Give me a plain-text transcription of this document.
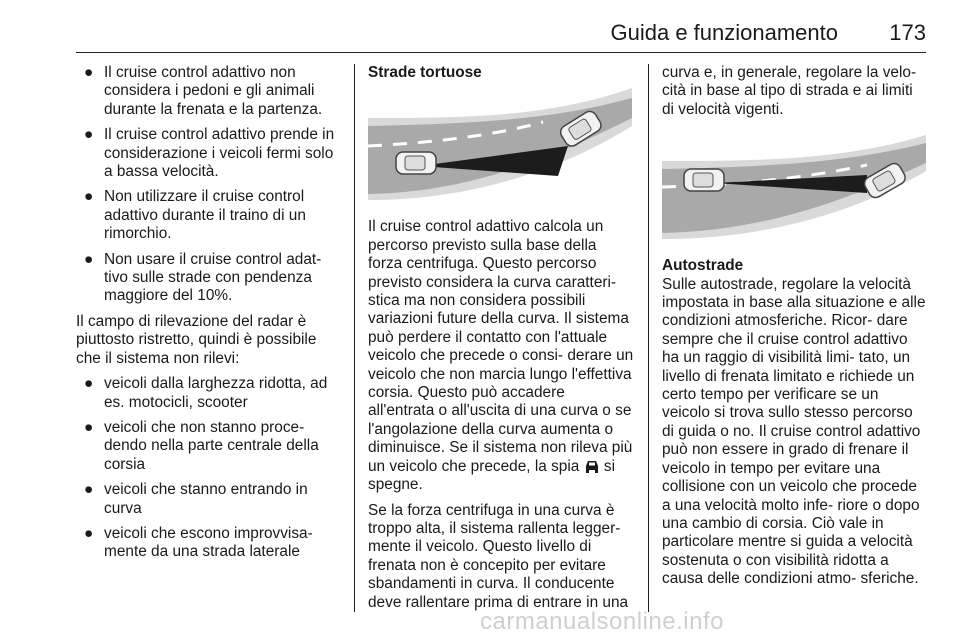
Guida e funzionamento 173
● Il cruise control adattivo non considera i pedoni e gli animali durante la frenata e la partenza.
● Il cruise control adattivo prende in considerazione i veicoli fermi solo a bassa velocità.
● Non utilizzare il cruise control adattivo durante il traino di un rimorchio.
● Non usare il cruise control adat- tivo sulle strade con pendenza maggiore del 10%.

Il campo di rilevazione del radar è piuttosto ristretto, quindi è possibile che il sistema non rilevi:

● veicoli dalla larghezza ridotta, ad es. motocicli, scooter
● veicoli che non stanno proce- dendo nella parte centrale della corsia
● veicoli che stanno entrando in curva
● veicoli che escono improvvisa- mente da una strada laterale

Strade tortuose

Il cruise control adattivo calcola un percorso previsto sulla base della forza centrifuga. Questo percorso previsto considera la curva caratteri- stica ma non considera possibili variazioni future della curva. Il sistema può perdere il contatto con l'attuale veicolo che precede o consi- derare un veicolo che non marcia lungo l'effettiva corsia. Questo può accadere all'entrata o all'uscita di una curva o se l'angolazione della curva aumenta o diminuisce. Se il sistema non rileva più un veicolo che precede, la spia si spegne.

Se la forza centrifuga in una curva è troppo alta, il sistema rallenta legger- mente il veicolo. Questo livello di frenata non è concepito per evitare sbandamenti in curva. Il conducente deve rallentare prima di entrare in una

curva e, in generale, regolare la velo- cità in base al tipo di strada e ai limiti di velocità vigenti.

Autostrade

Sulle autostrade, regolare la velocità impostata in base alla situazione e alle condizioni atmosferiche. Ricor- dare sempre che il cruise control adattivo ha un raggio di visibilità limi- tato, un livello di frenata limitato e richiede un certo tempo per verificare se un veicolo si trova sullo stesso percorso di guida o no. Il cruise control adattivo può non essere in grado di frenare il veicolo in tempo per evitare una collisione con un veicolo che procede a una velocità molto infe- riore o dopo una cambio di corsia. Ciò vale in particolare mentre si guida a velocità sostenuta o con visibilità ridotta a causa delle condizioni atmo- sferiche.

carmanualsonline.info
